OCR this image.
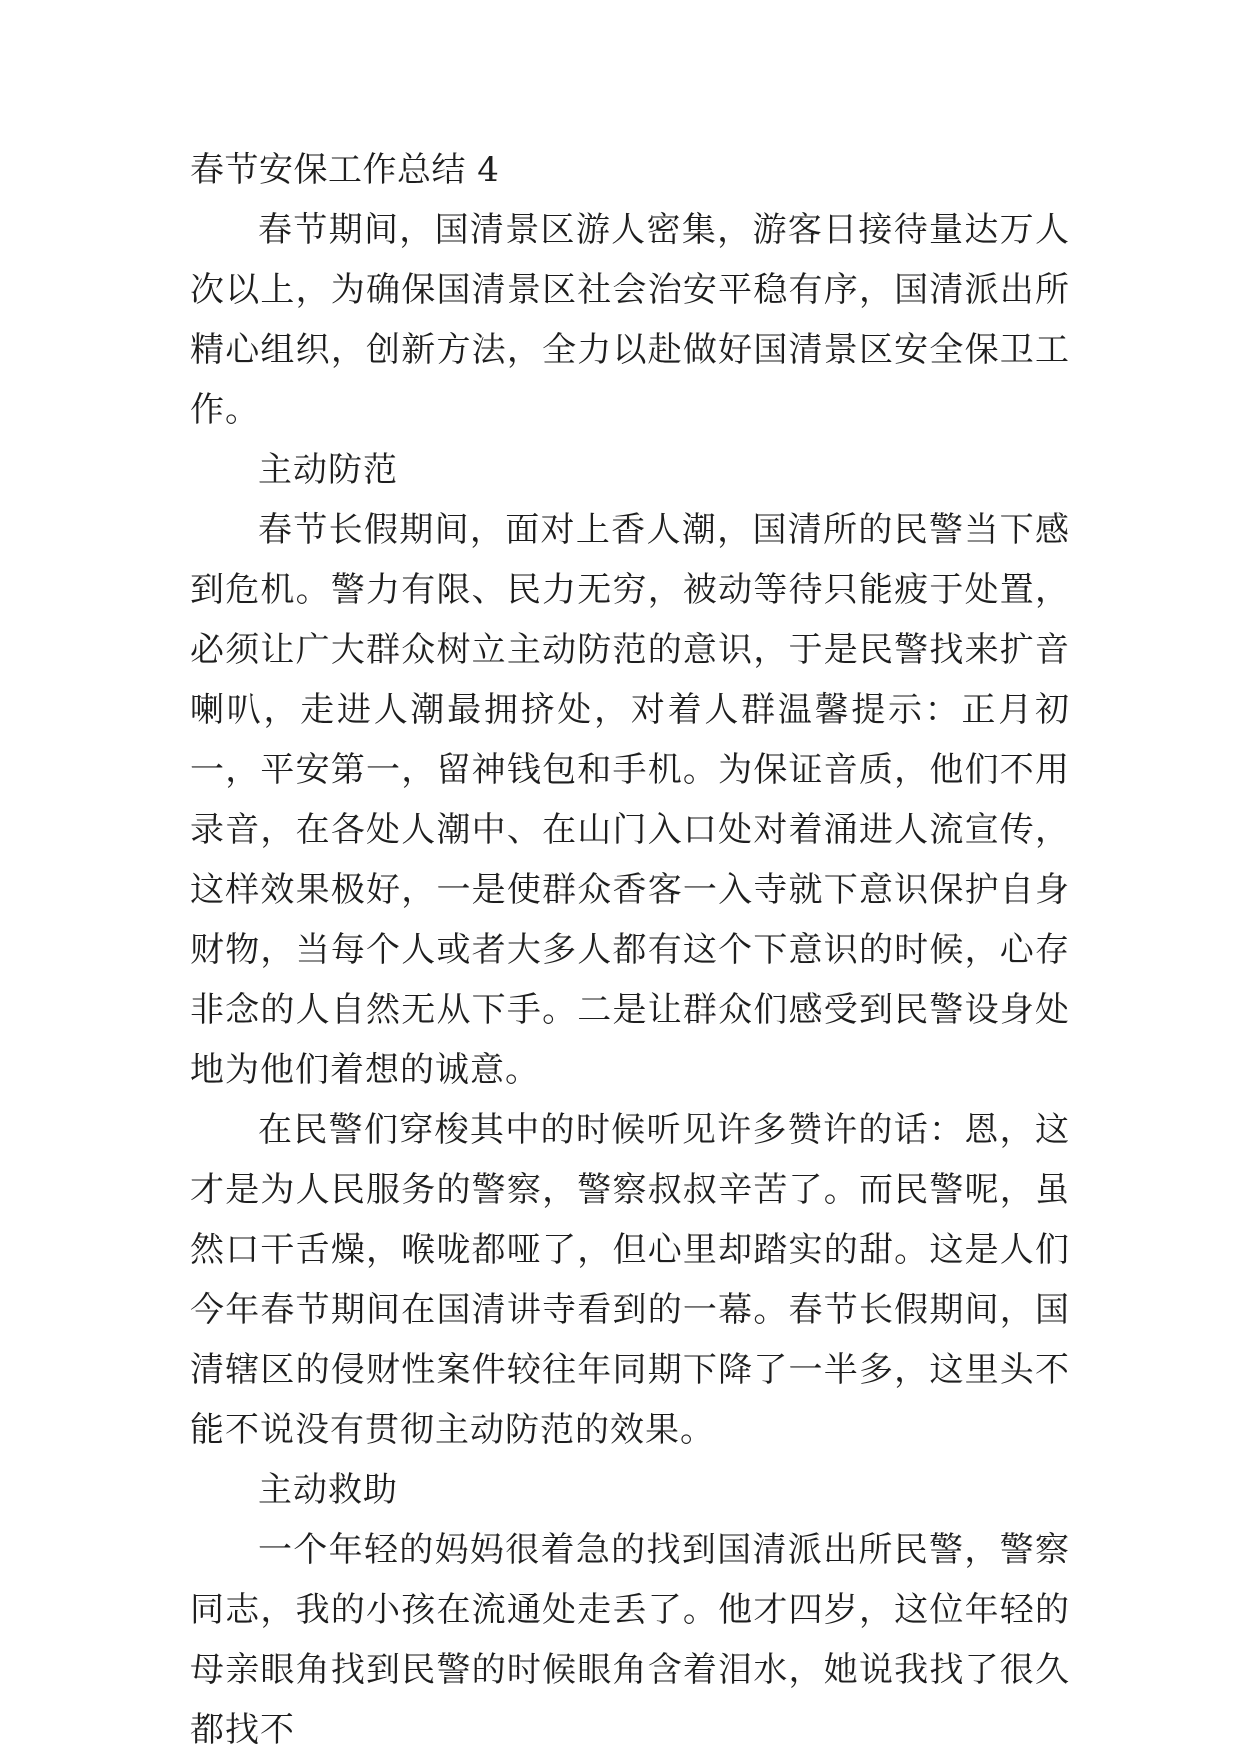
春节安保工作总结 4

春节期间，国清景区游人密集，游客日接待量达万人次以上，为确保国清景区社会治安平稳有序，国清派出所精心组织，创新方法，全力以赴做好国清景区安全保卫工作。

主动防范

春节长假期间，面对上香人潮，国清所的民警当下感到危机。警力有限、民力无穷，被动等待只能疲于处置，必须让广大群众树立主动防范的意识，于是民警找来扩音喇叭，走进人潮最拥挤处，对着人群温馨提示：正月初一，平安第一，留神钱包和手机。为保证音质，他们不用录音，在各处人潮中、在山门入口处对着涌进人流宣传，这样效果极好，一是使群众香客一入寺就下意识保护自身财物，当每个人或者大多人都有这个下意识的时候，心存非念的人自然无从下手。二是让群众们感受到民警设身处地为他们着想的诚意。

在民警们穿梭其中的时候听见许多赞许的话：恩，这才是为人民服务的警察，警察叔叔辛苦了。而民警呢，虽然口干舌燥，喉咙都哑了，但心里却踏实的甜。这是人们今年春节期间在国清讲寺看到的一幕。春节长假期间，国清辖区的侵财性案件较往年同期下降了一半多，这里头不能不说没有贯彻主动防范的效果。

主动救助

一个年轻的妈妈很着急的找到国清派出所民警，警察同志，我的小孩在流通处走丢了。他才四岁，这位年轻的母亲眼角找到民警的时候眼角含着泪水，她说我找了很久都找不
